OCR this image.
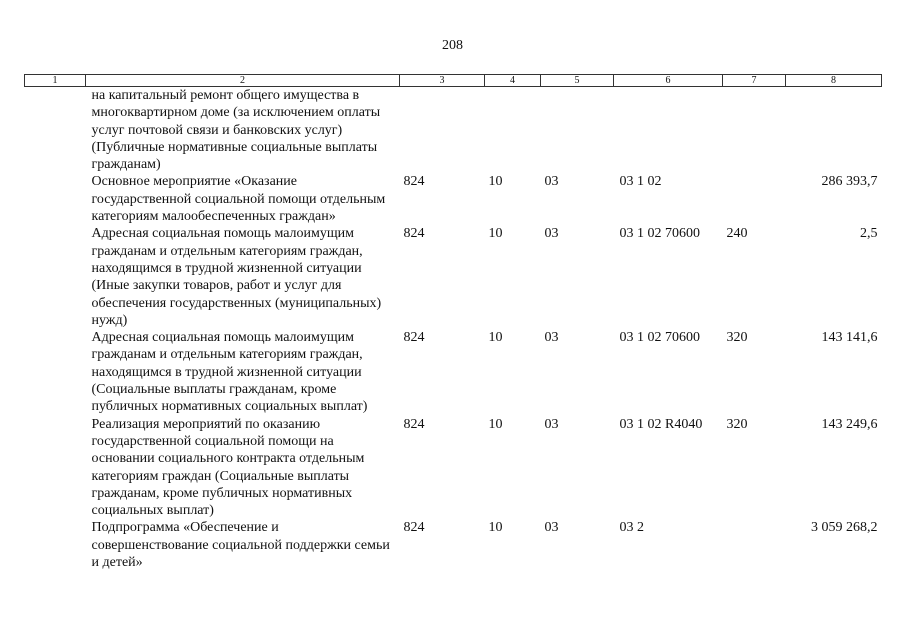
208
1	2	3	4	5	6	7	8
	на капитальный ремонт общего имущества в многоквартирном доме (за исключением оплаты услуг почтовой связи и банковских услуг) (Публичные нормативные социальные выплаты гражданам)						
	Основное мероприятие «Оказание государственной социальной помощи отдельным категориям малообеспеченных граждан»	824	10	03	03 1 02		286 393,7
	Адресная социальная помощь малоимущим гражданам и отдельным категориям граждан, находящимся в трудной жизненной ситуации (Иные закупки товаров, работ и услуг для обеспечения государственных (муниципальных) нужд)	824	10	03	03 1 02 70600	240	2,5
	Адресная социальная помощь малоимущим гражданам и отдельным категориям граждан, находящимся в трудной жизненной ситуации (Социальные выплаты гражданам, кроме публичных нормативных социальных выплат)	824	10	03	03 1 02 70600	320	143 141,6
	Реализация мероприятий по оказанию государственной социальной помощи на основании социального контракта отдельным категориям граждан (Социальные выплаты гражданам, кроме публичных нормативных социальных выплат)	824	10	03	03 1 02 R4040	320	143 249,6
	Подпрограмма «Обеспечение и совершенствование социальной поддержки семьи и детей»	824	10	03	03 2		3 059 268,2
